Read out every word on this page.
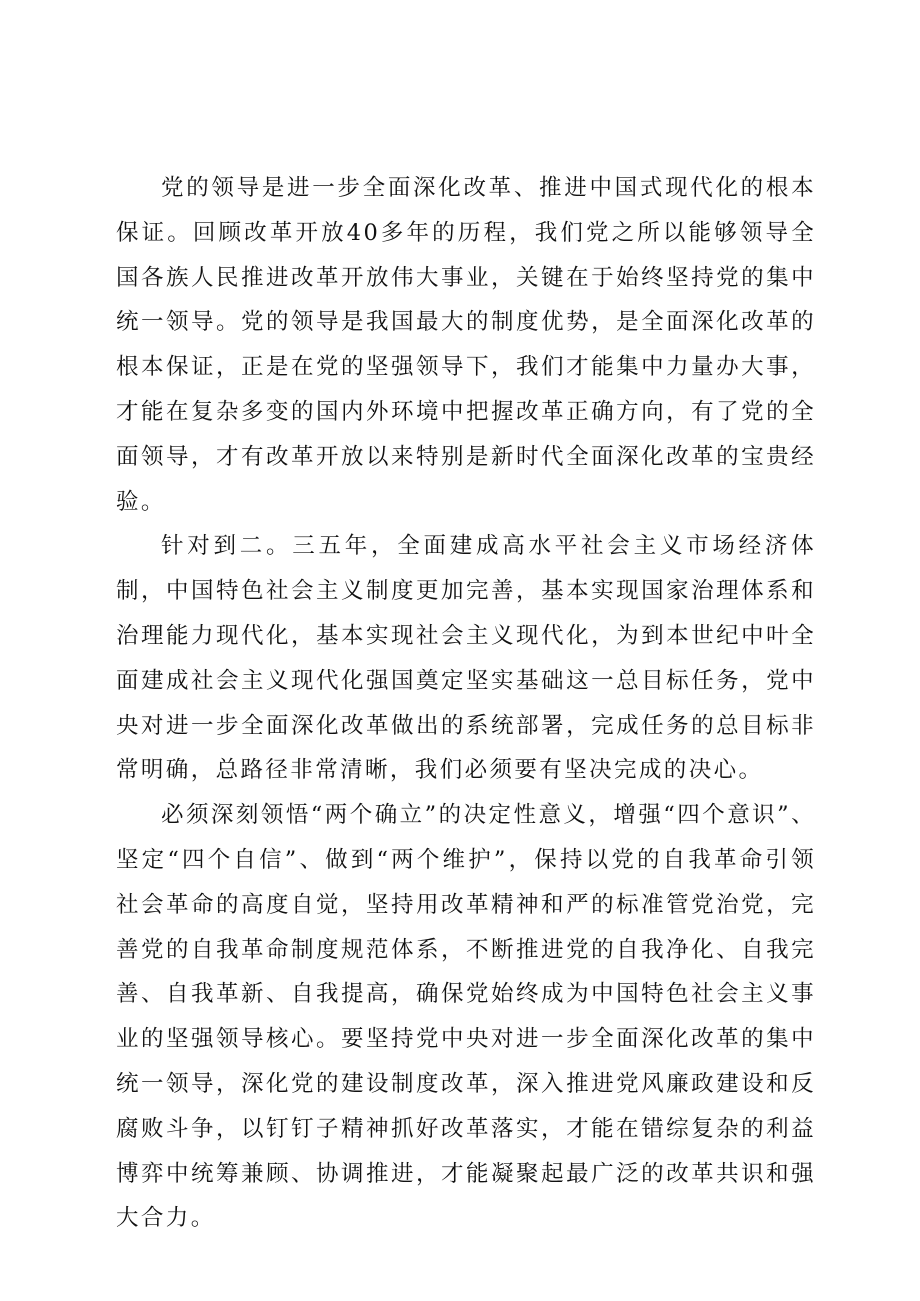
党的领导是进一步全面深化改革、推进中国式现代化的根本保证。回顾改革开放40多年的历程，我们党之所以能够领导全国各族人民推进改革开放伟大事业，关键在于始终坚持党的集中统一领导。党的领导是我国最大的制度优势，是全面深化改革的根本保证，正是在党的坚强领导下，我们才能集中力量办大事，才能在复杂多变的国内外环境中把握改革正确方向，有了党的全面领导，才有改革开放以来特别是新时代全面深化改革的宝贵经验。

针对到二。三五年，全面建成高水平社会主义市场经济体制，中国特色社会主义制度更加完善，基本实现国家治理体系和治理能力现代化，基本实现社会主义现代化，为到本世纪中叶全面建成社会主义现代化强国奠定坚实基础这一总目标任务，党中央对进一步全面深化改革做出的系统部署，完成任务的总目标非常明确，总路径非常清晰，我们必须要有坚决完成的决心。

必须深刻领悟“两个确立”的决定性意义，增强“四个意识”、坚定“四个自信”、做到“两个维护”，保持以党的自我革命引领社会革命的高度自觉，坚持用改革精神和严的标准管党治党，完善党的自我革命制度规范体系，不断推进党的自我净化、自我完善、自我革新、自我提高，确保党始终成为中国特色社会主义事业的坚强领导核心。要坚持党中央对进一步全面深化改革的集中统一领导，深化党的建设制度改革，深入推进党风廉政建设和反腐败斗争，以钉钉子精神抓好改革落实，才能在错综复杂的利益博弈中统筹兼顾、协调推进，才能凝聚起最广泛的改革共识和强大合力。
